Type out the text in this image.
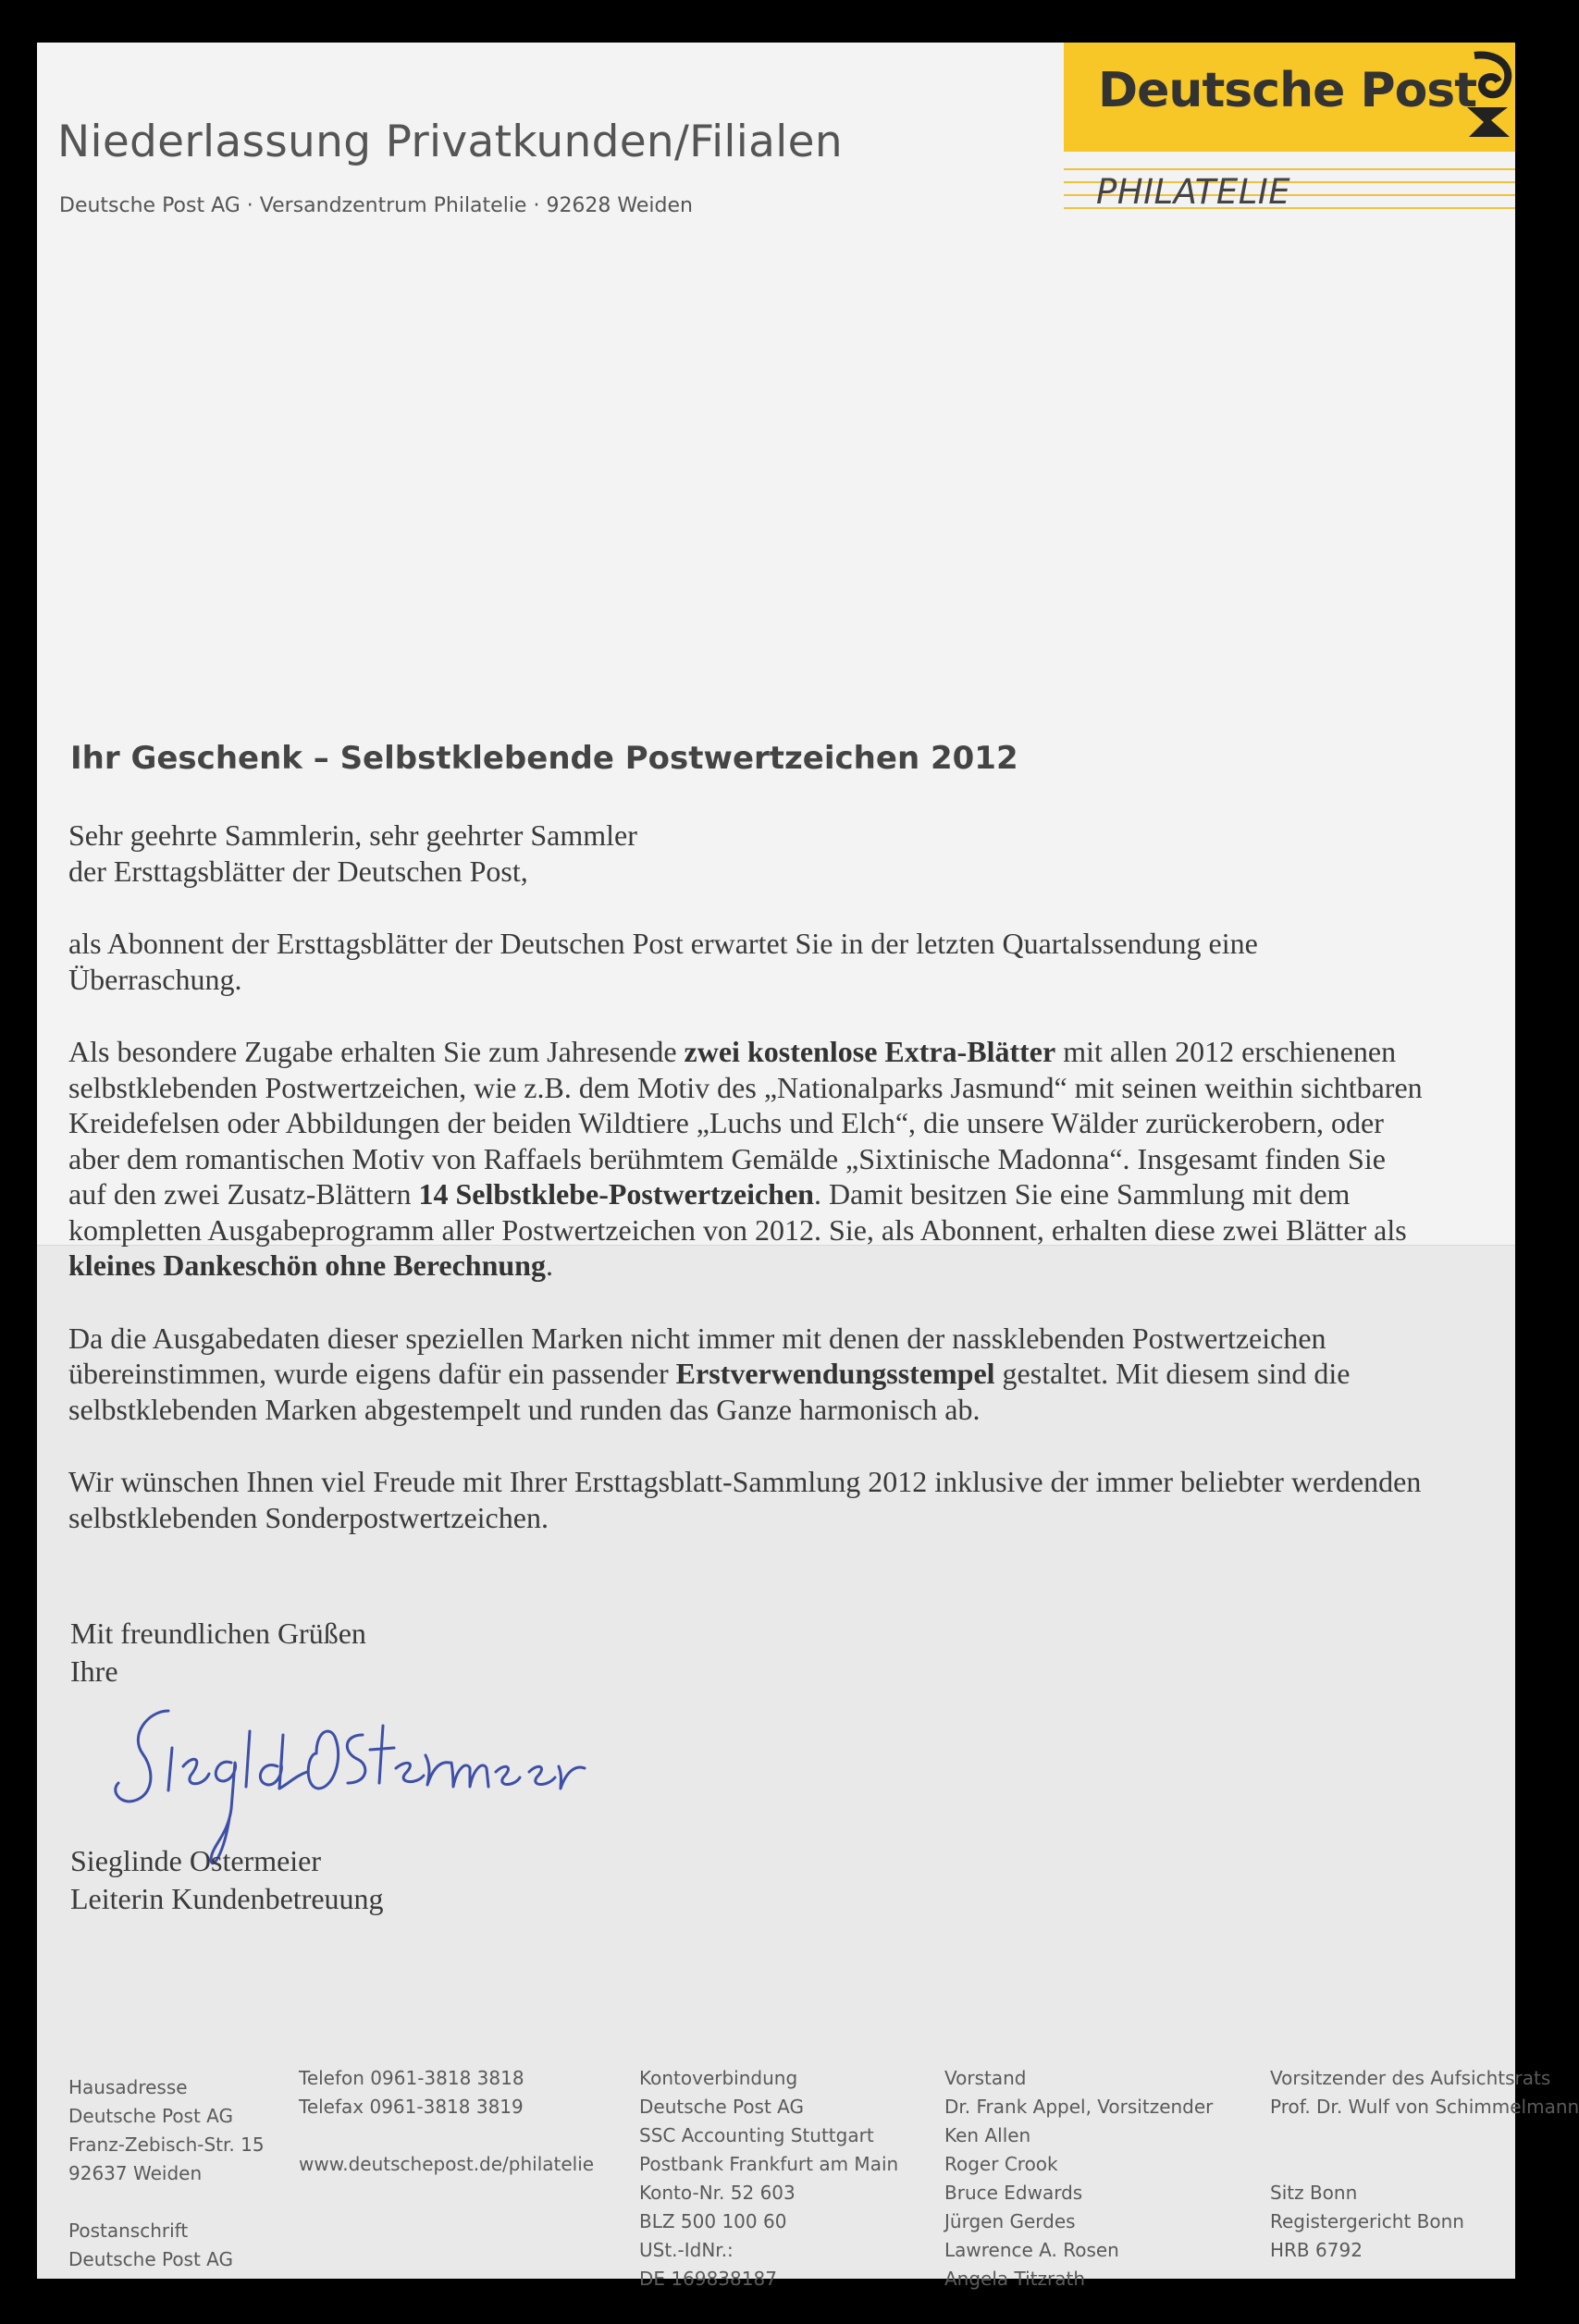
Niederlassung Privatkunden/Filialen
Deutsche Post AG · Versandzentrum Philatelie · 92628 Weiden
Deutsche Post
PHILATELIE
Ihr Geschenk – Selbstklebende Postwertzeichen 2012

Sehr geehrte Sammlerin, sehr geehrter Sammler
der Ersttagsblätter der Deutschen Post,

als Abonnent der Ersttagsblätter der Deutschen Post erwartet Sie in der letzten Quartalssendung eine Überraschung.

Als besondere Zugabe erhalten Sie zum Jahresende zwei kostenlose Extra-Blätter mit allen 2012 erschienenen selbstklebenden Postwertzeichen, wie z.B. dem Motiv des „Nationalparks Jasmund“ mit seinen weithin sichtbaren Kreidefelsen oder Abbildungen der beiden Wildtiere „Luchs und Elch“, die unsere Wälder zurückerobern, oder aber dem romantischen Motiv von Raffaels berühmtem Gemälde „Sixtinische Madonna“. Insgesamt finden Sie auf den zwei Zusatz-Blättern 14 Selbstklebe-Postwertzeichen. Damit besitzen Sie eine Sammlung mit dem kompletten Ausgabeprogramm aller Postwertzeichen von 2012. Sie, als Abonnent, erhalten diese zwei Blätter als kleines Dankeschön ohne Berechnung.

Da die Ausgabedaten dieser speziellen Marken nicht immer mit denen der nassklebenden Postwertzeichen übereinstimmen, wurde eigens dafür ein passender Erstverwendungsstempel gestaltet. Mit diesem sind die selbstklebenden Marken abgestempelt und runden das Ganze harmonisch ab.

Wir wünschen Ihnen viel Freude mit Ihrer Ersttagsblatt-Sammlung 2012 inklusive der immer beliebter werdenden selbstklebenden Sonderpostwertzeichen.

Mit freundlichen Grüßen
Ihre
Sieglinde Ostermeier
Leiterin Kundenbetreuung
Hausadresse
Deutsche Post AG
Franz-Zebisch-Str. 15
92637 Weiden
Postanschrift
Deutsche Post AG
Telefon 0961-3818 3818
Telefax 0961-3818 3819
www.deutschepost.de/philatelie
Kontoverbindung
Deutsche Post AG
SSC Accounting Stuttgart
Postbank Frankfurt am Main
Konto-Nr. 52 603
BLZ 500 100 60
USt.-IdNr.:
DE 169838187
Vorstand
Dr. Frank Appel, Vorsitzender
Ken Allen
Roger Crook
Bruce Edwards
Jürgen Gerdes
Lawrence A. Rosen
Angela Titzrath
Vorsitzender des Aufsichtsrats
Prof. Dr. Wulf von Schimmelmann
Sitz Bonn
Registergericht Bonn
HRB 6792
